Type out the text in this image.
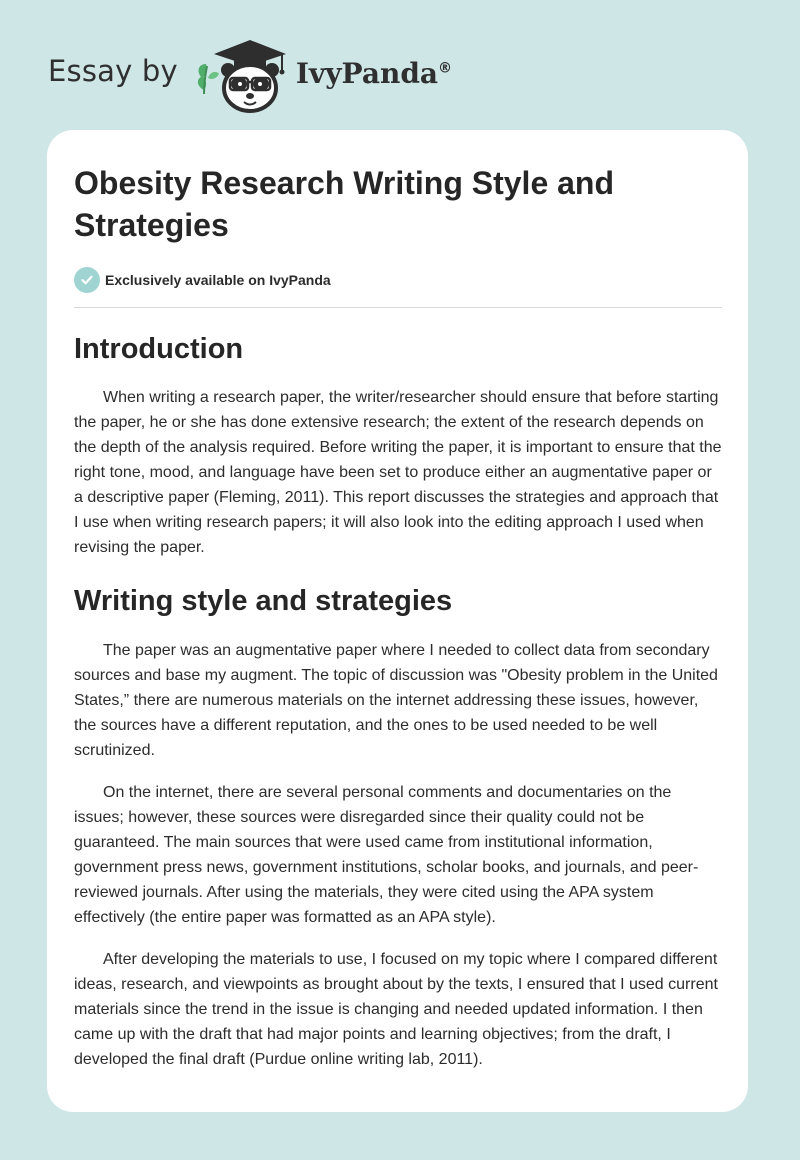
Essay by	IvyPanda®
Obesity Research Writing Style and Strategies
Exclusively available on IvyPanda
Introduction

When writing a research paper, the writer/researcher should ensure that before starting the paper, he or she has done extensive research; the extent of the research depends on the depth of the analysis required. Before writing the paper, it is important to ensure that the right tone, mood, and language have been set to produce either an augmentative paper or a descriptive paper (Fleming, 2011). This report discusses the strategies and approach that I use when writing research papers; it will also look into the editing approach I used when revising the paper.

Writing style and strategies

The paper was an augmentative paper where I needed to collect data from secondary sources and base my augment. The topic of discussion was "Obesity problem in the United States,” there are numerous materials on the internet addressing these issues, however, the sources have a different reputation, and the ones to be used needed to be well scrutinized.

On the internet, there are several personal comments and documentaries on the issues; however, these sources were disregarded since their quality could not be guaranteed. The main sources that were used came from institutional information, government press news, government institutions, scholar books, and journals, and peer-reviewed journals. After using the materials, they were cited using the APA system effectively (the entire paper was formatted as an APA style).

After developing the materials to use, I focused on my topic where I compared different ideas, research, and viewpoints as brought about by the texts, I ensured that I used current materials since the trend in the issue is changing and needed updated information. I then came up with the draft that had major points and learning objectives; from the draft, I developed the final draft (Purdue online writing lab, 2011).
